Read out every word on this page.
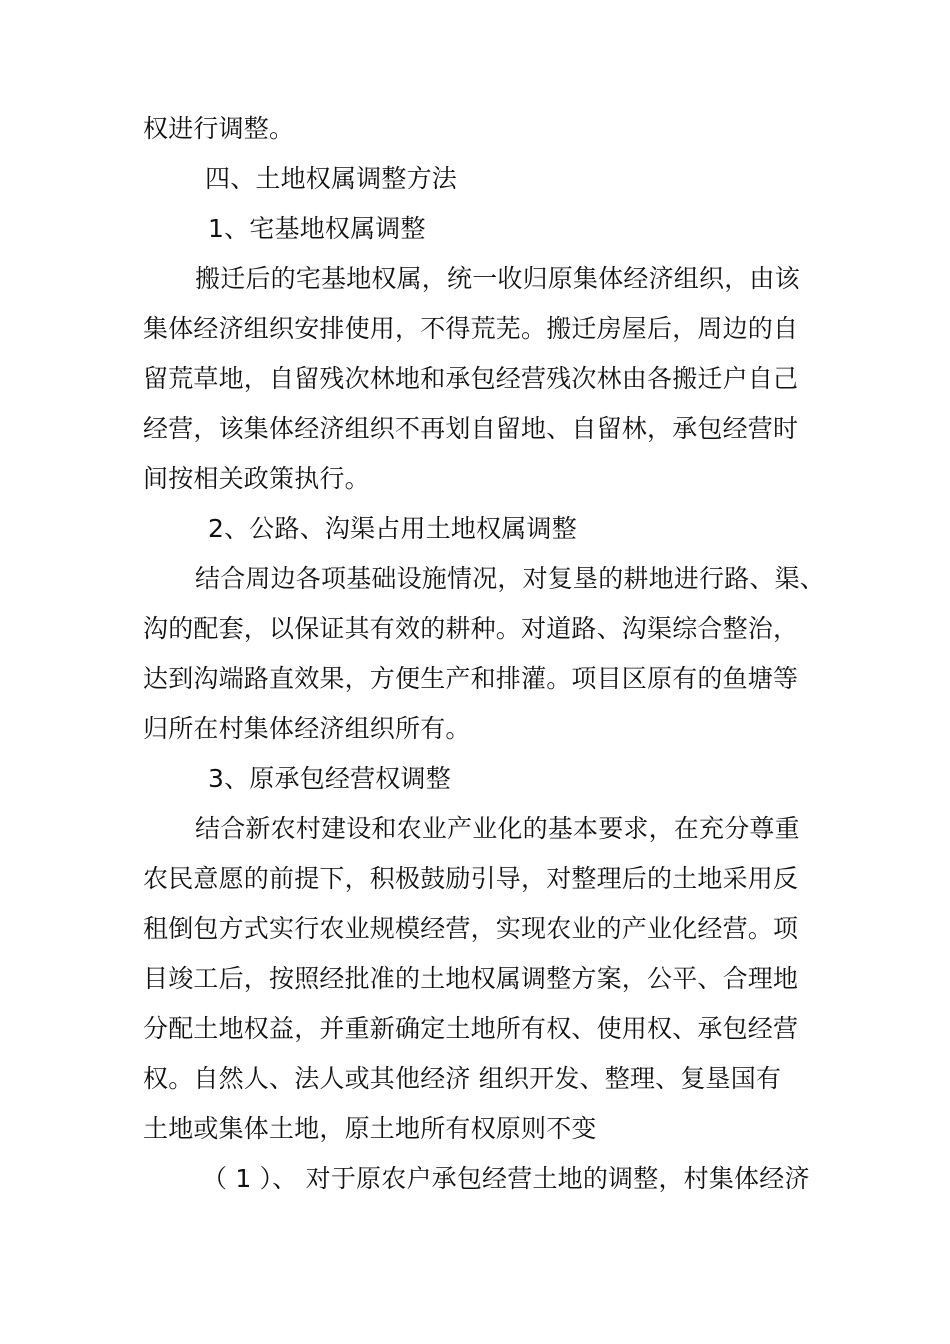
权进行调整。
四、土地权属调整方法
1、宅基地权属调整
搬迁后的宅基地权属，统一收归原集体经济组织，由该
集体经济组织安排使用，不得荒芜。搬迁房屋后，周边的自
留荒草地，自留残次林地和承包经营残次林由各搬迁户自己
经营，该集体经济组织不再划自留地、自留林，承包经营时
间按相关政策执行。
2、公路、沟渠占用土地权属调整
结合周边各项基础设施情况，对复垦的耕地进行路、渠、
沟的配套，以保证其有效的耕种。对道路、沟渠综合整治，
达到沟端路直效果，方便生产和排灌。项目区原有的鱼塘等
归所在村集体经济组织所有。
3、原承包经营权调整
结合新农村建设和农业产业化的基本要求，在充分尊重
农民意愿的前提下，积极鼓励引导，对整理后的土地采用反
租倒包方式实行农业规模经营，实现农业的产业化经营。项
目竣工后，按照经批准的土地权属调整方案，公平、合理地
分配土地权益，并重新确定土地所有权、使用权、承包经营
权。自然人、法人或其他经济 组织开发、整理、复垦国有
土地或集体土地，原土地所有权原则不变
（ 1 ）、 对于原农户承包经营土地的调整，村集体经济
